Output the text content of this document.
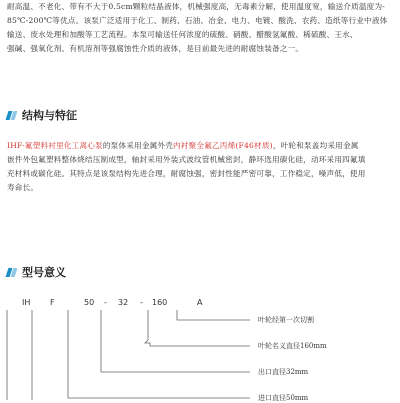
耐高温、不老化、带有不大于0.5cm颗粒结晶液体，机械强度高，无毒素分解，使用温度宽，输送介质温度为-
85℃-200℃等优点。该泵广泛适用于化工、制药、石油、冶金、电力、电镀、酸洗、农药、造纸等行业中液体
输送、废水处理和加酸等工艺流程。本泵可输送任何浓度的硫酸、硝酸、醋酸氢氟酸、稀硫酸、王水、
强碱、强氧化剂、有机溶剂等强腐蚀性介质的液体，是目前最先进的耐腐蚀装备之一。
结构与特征
IHF-氟塑料衬里化工离心泵的泵体采用金属外壳内衬聚全氟乙丙烯(F46材质)，叶轮和泵盖均采用金属
嵌件外包氟塑料整体烧结压制成型，轴封采用外装式波纹管机械密封，静环选用碳化硅，动环采用四氟填
充材料或碳化硅。其特点是该泵结构先进合理，耐腐蚀强，密封性能严密可靠，工作稳定，噪声低，使用
寿命长。
型号意义
IH F	50 - 32 - 160	A
叶轮经第一次切割
叶轮名义直径160mm
出口直径32mm
进口直径50mm
